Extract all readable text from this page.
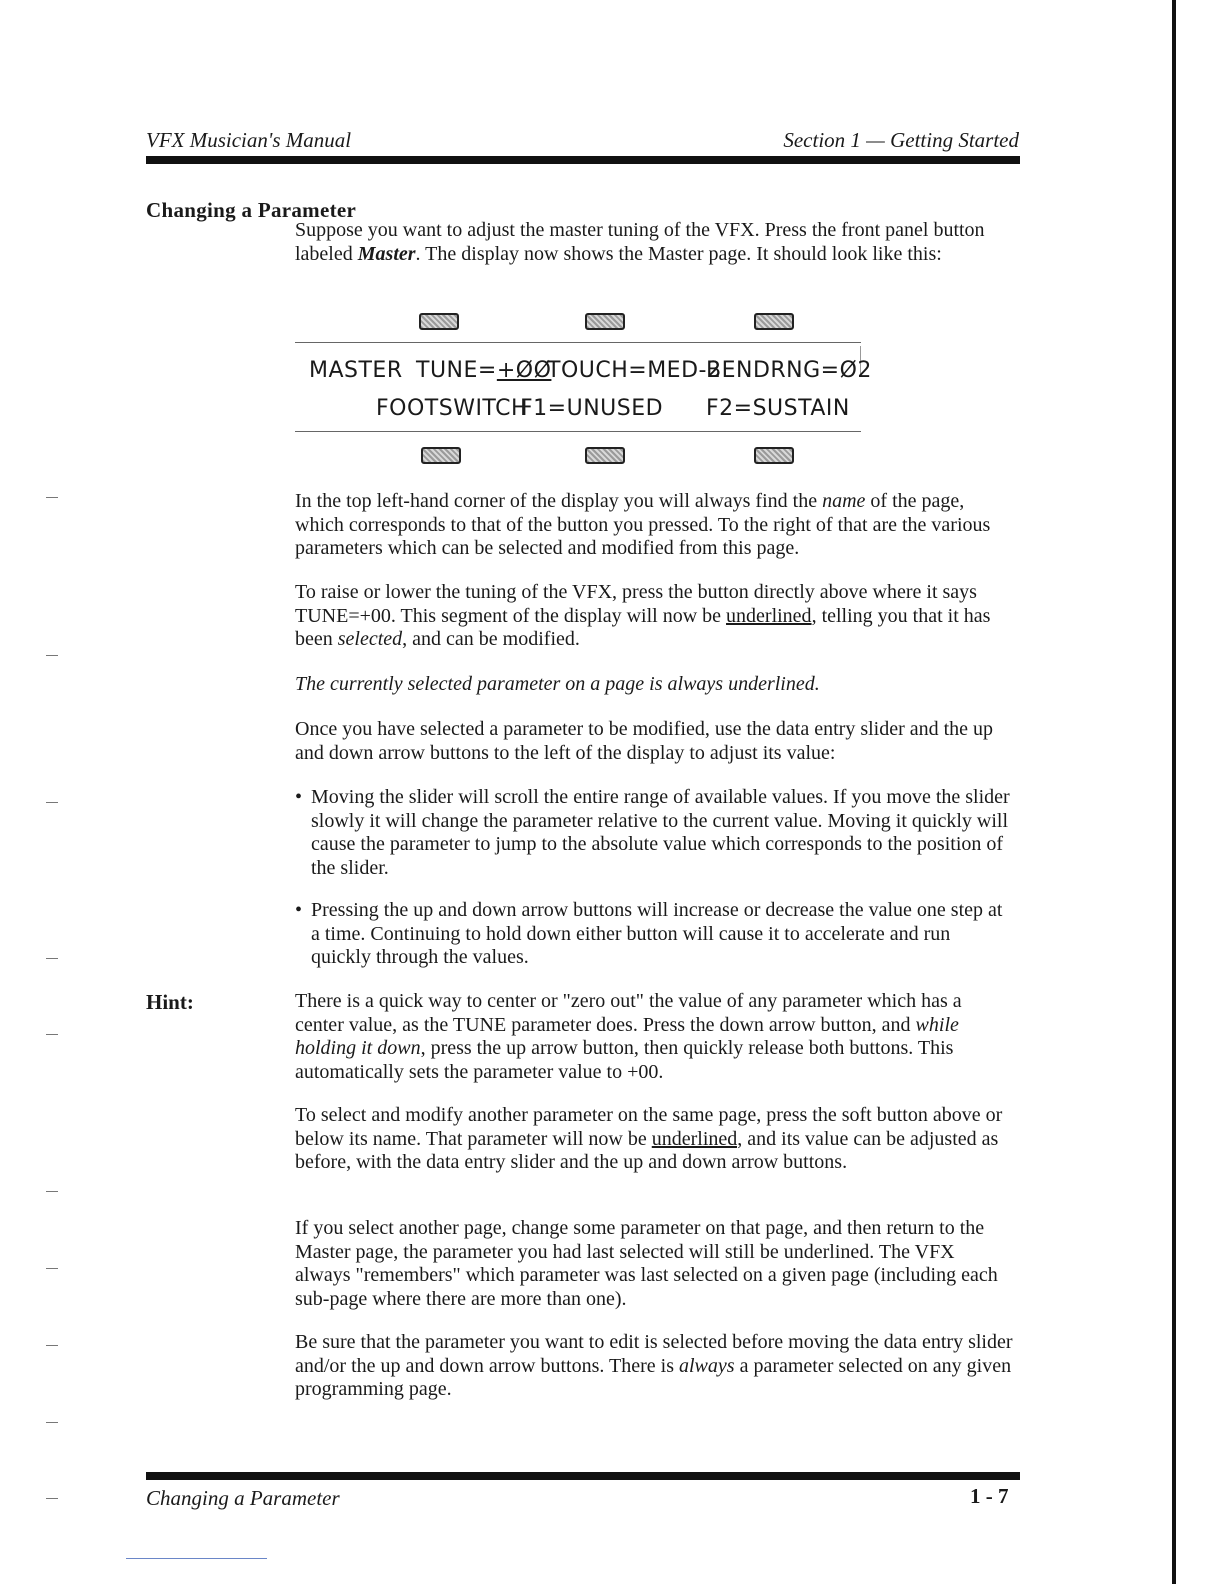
VFX Musician's Manual	Section 1 — Getting Started
Changing a Parameter

Suppose you want to adjust the master tuning of the VFX. Press the front panel button labeled Master. The display now shows the Master page. It should look like this:

MASTER TUNE=+ØØ
TOUCH=MED-2
BENDRNG=Ø2
FOOTSWITCH
F1=UNUSED F2=SUSTAIN

In the top left-hand corner of the display you will always find the name of the page, which corresponds to that of the button you pressed. To the right of that are the various parameters which can be selected and modified from this page.

To raise or lower the tuning of the VFX, press the button directly above where it says TUNE=+00. This segment of the display will now be underlined, telling you that it has been selected, and can be modified.

The currently selected parameter on a page is always underlined.

Once you have selected a parameter to be modified, use the data entry slider and the up and down arrow buttons to the left of the display to adjust its value:

• Moving the slider will scroll the entire range of available values. If you move the slider slowly it will change the parameter relative to the current value. Moving it quickly will cause the parameter to jump to the absolute value which corresponds to the position of the slider.
• Pressing the up and down arrow buttons will increase or decrease the value one step at a time. Continuing to hold down either button will cause it to accelerate and run quickly through the values.
Hint:	There is a quick way to center or "zero out" the value of any parameter which has a center value, as the TUNE parameter does. Press the down arrow button, and while holding it down, press the up arrow button, then quickly release both buttons. This automatically sets the parameter value to +00.

To select and modify another parameter on the same page, press the soft button above or below its name. That parameter will now be underlined, and its value can be adjusted as before, with the data entry slider and the up and down arrow buttons.

If you select another page, change some parameter on that page, and then return to the Master page, the parameter you had last selected will still be underlined. The VFX always "remembers" which parameter was last selected on a given page (including each sub-page where there are more than one).

Be sure that the parameter you want to edit is selected before moving the data entry slider and/or the up and down arrow buttons. There is always a parameter selected on any given programming page.

Changing a Parameter	1 - 7
